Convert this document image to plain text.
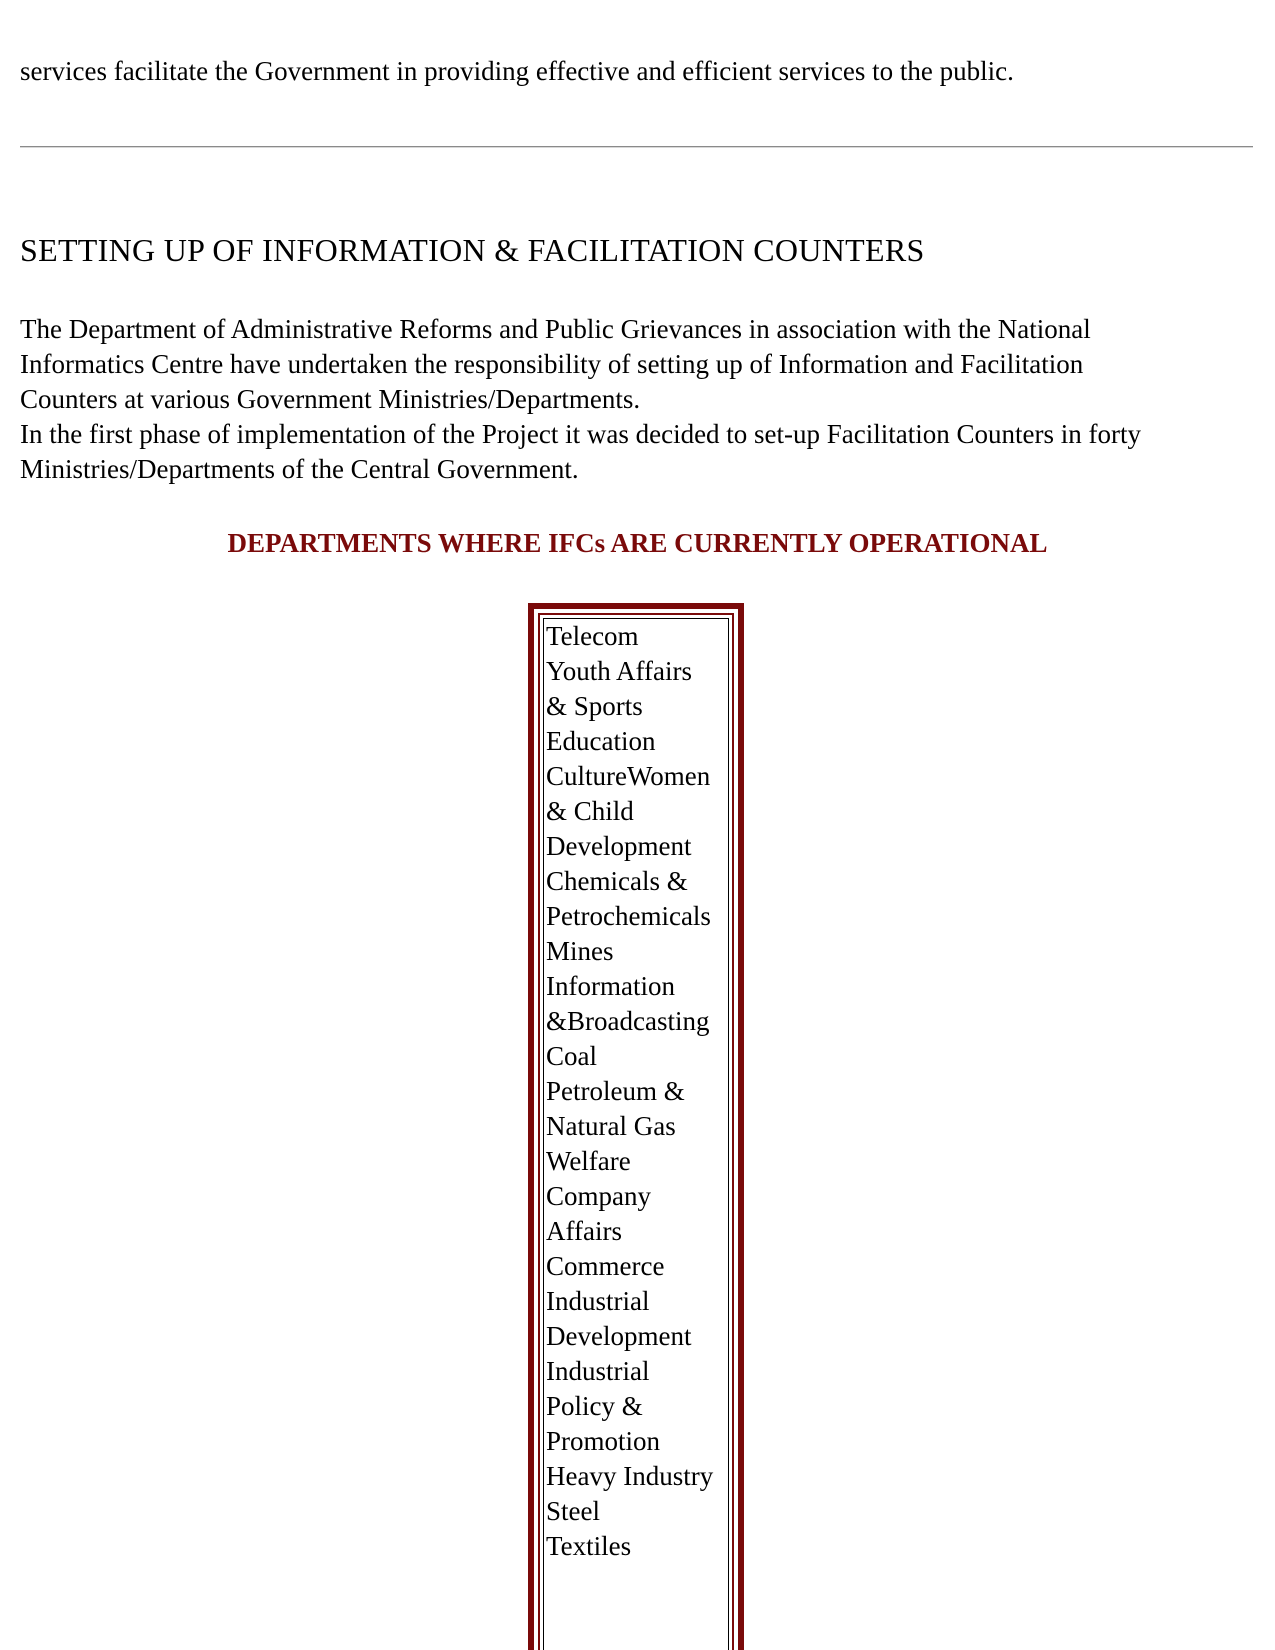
services facilitate the Government in providing effective and efficient services to the public.

SETTING UP OF INFORMATION & FACILITATION COUNTERS

The Department of Administrative Reforms and Public Grievances in association with the National
Informatics Centre have undertaken the responsibility of setting up of Information and Facilitation
Counters at various Government Ministries/Departments.
In the first phase of implementation of the Project it was decided to set-up Facilitation Counters in forty
Ministries/Departments of the Central Government.

DEPARTMENTS WHERE IFCs ARE CURRENTLY OPERATIONAL
Telecom
Youth Affairs
& Sports
Education
CultureWomen
& Child
Development
Chemicals &
Petrochemicals
Mines
Information
&Broadcasting
Coal
Petroleum &
Natural Gas
Welfare
Company
Affairs
Commerce
Industrial
Development
Industrial
Policy &
Promotion
Heavy Industry
Steel
Textiles
